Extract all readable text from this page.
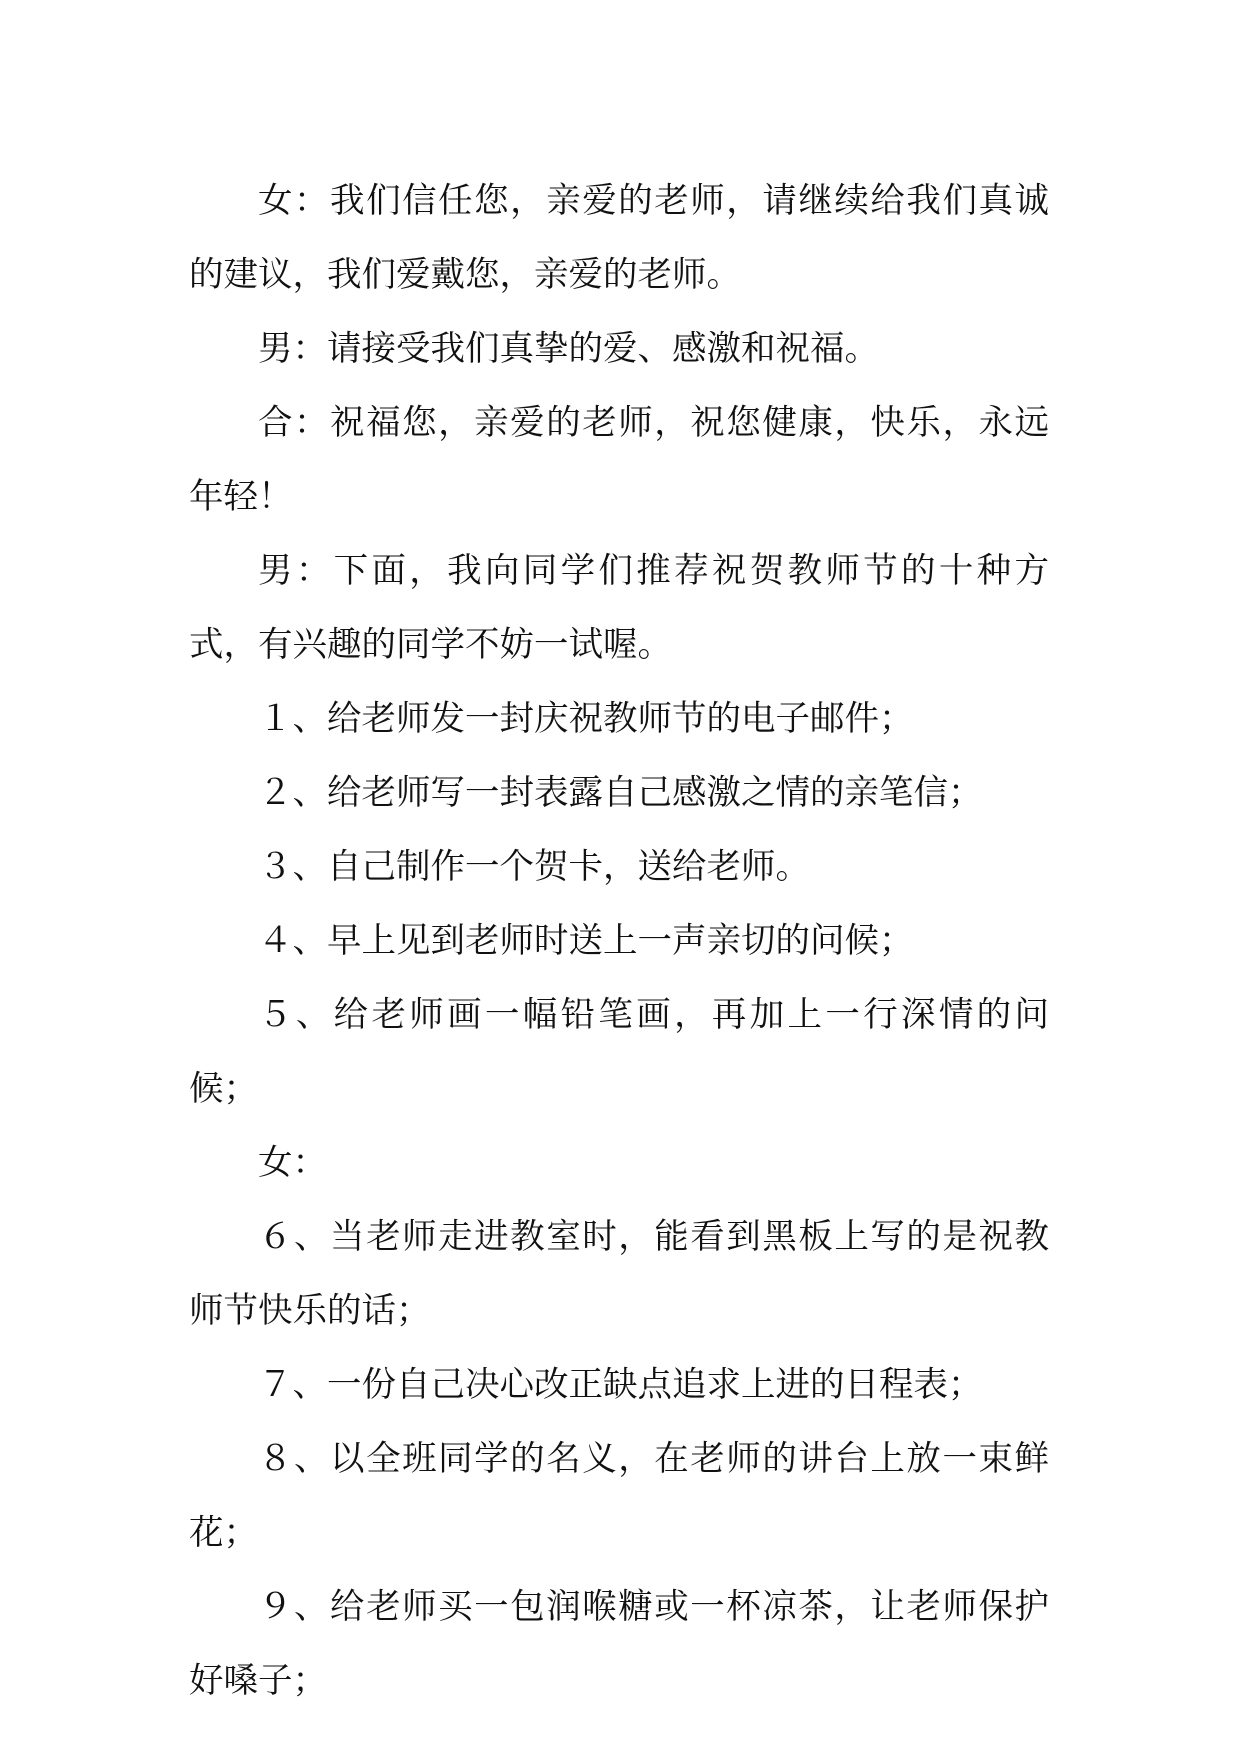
女：我们信任您，亲爱的老师，请继续给我们真诚的建议，我们爱戴您，亲爱的老师。

男：请接受我们真挚的爱、感激和祝福。

合：祝福您，亲爱的老师，祝您健康，快乐，永远年轻！

男：下面，我向同学们推荐祝贺教师节的十种方式，有兴趣的同学不妨一试喔。

１、给老师发一封庆祝教师节的电子邮件；

２、给老师写一封表露自己感激之情的亲笔信；

３、自己制作一个贺卡，送给老师。

４、早上见到老师时送上一声亲切的问候；

５、给老师画一幅铅笔画，再加上一行深情的问候；

女：

６、当老师走进教室时，能看到黑板上写的是祝教师节快乐的话；

７、一份自己决心改正缺点追求上进的日程表；

８、以全班同学的名义，在老师的讲台上放一束鲜花；

９、给老师买一包润喉糖或一杯凉茶，让老师保护好嗓子；
